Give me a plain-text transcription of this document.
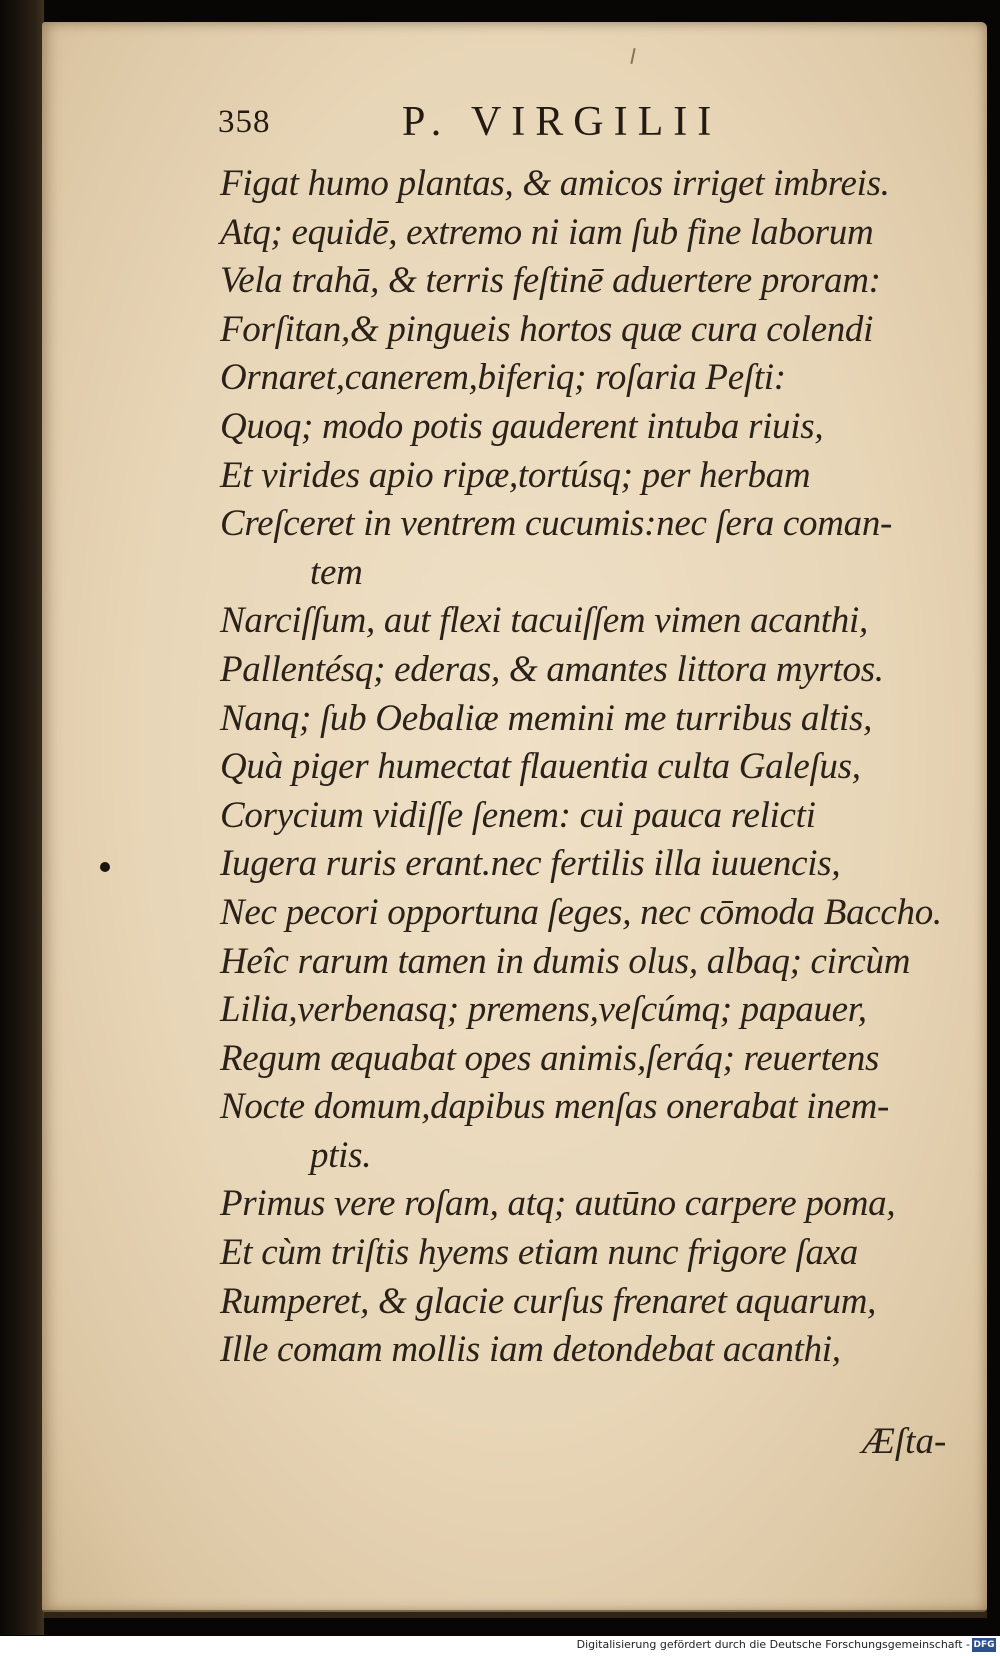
358	P. VIRGILII
Figat humo plantas, & amicos irriget imbreis.
Atq; equidē, extremo ni iam ſub fine laborum
Vela trahā, & terris feſtinē aduertere proram:
Forſitan,& pingueis hortos quæ cura colendi
Ornaret,canerem,biferiq; roſaria Peſti:
Quoq; modo potis gauderent intuba riuis,
Et virides apio ripæ,tortúsq; per herbam
Creſceret in ventrem cucumis:nec ſera coman-
tem
Narciſſum, aut flexi tacuiſſem vimen acanthi,
Pallentésq; ederas, & amantes littora myrtos.
Nanq; ſub Oebaliæ memini me turribus altis,
Quà piger humectat flauentia culta Galeſus,
Corycium vidiſſe ſenem: cui pauca relicti
Iugera ruris erant.nec fertilis illa iuuencis,
Nec pecori opportuna ſeges, nec cōmoda Baccho.
Heîc rarum tamen in dumis olus, albaq; circùm
Lilia,verbenasq; premens,veſcúmq; papauer,
Regum æquabat opes animis,ſeráq; reuertens
Nocte domum,dapibus menſas onerabat inem-
ptis.
Primus vere roſam, atq; autūno carpere poma,
Et cùm triſtis hyems etiam nunc frigore ſaxa
Rumperet, & glacie curſus frenaret aquarum,
Ille comam mollis iam detondebat acanthi,
Æſta-
Digitalisierung gefördert durch die Deutsche Forschungsgemeinschaft - DFG
